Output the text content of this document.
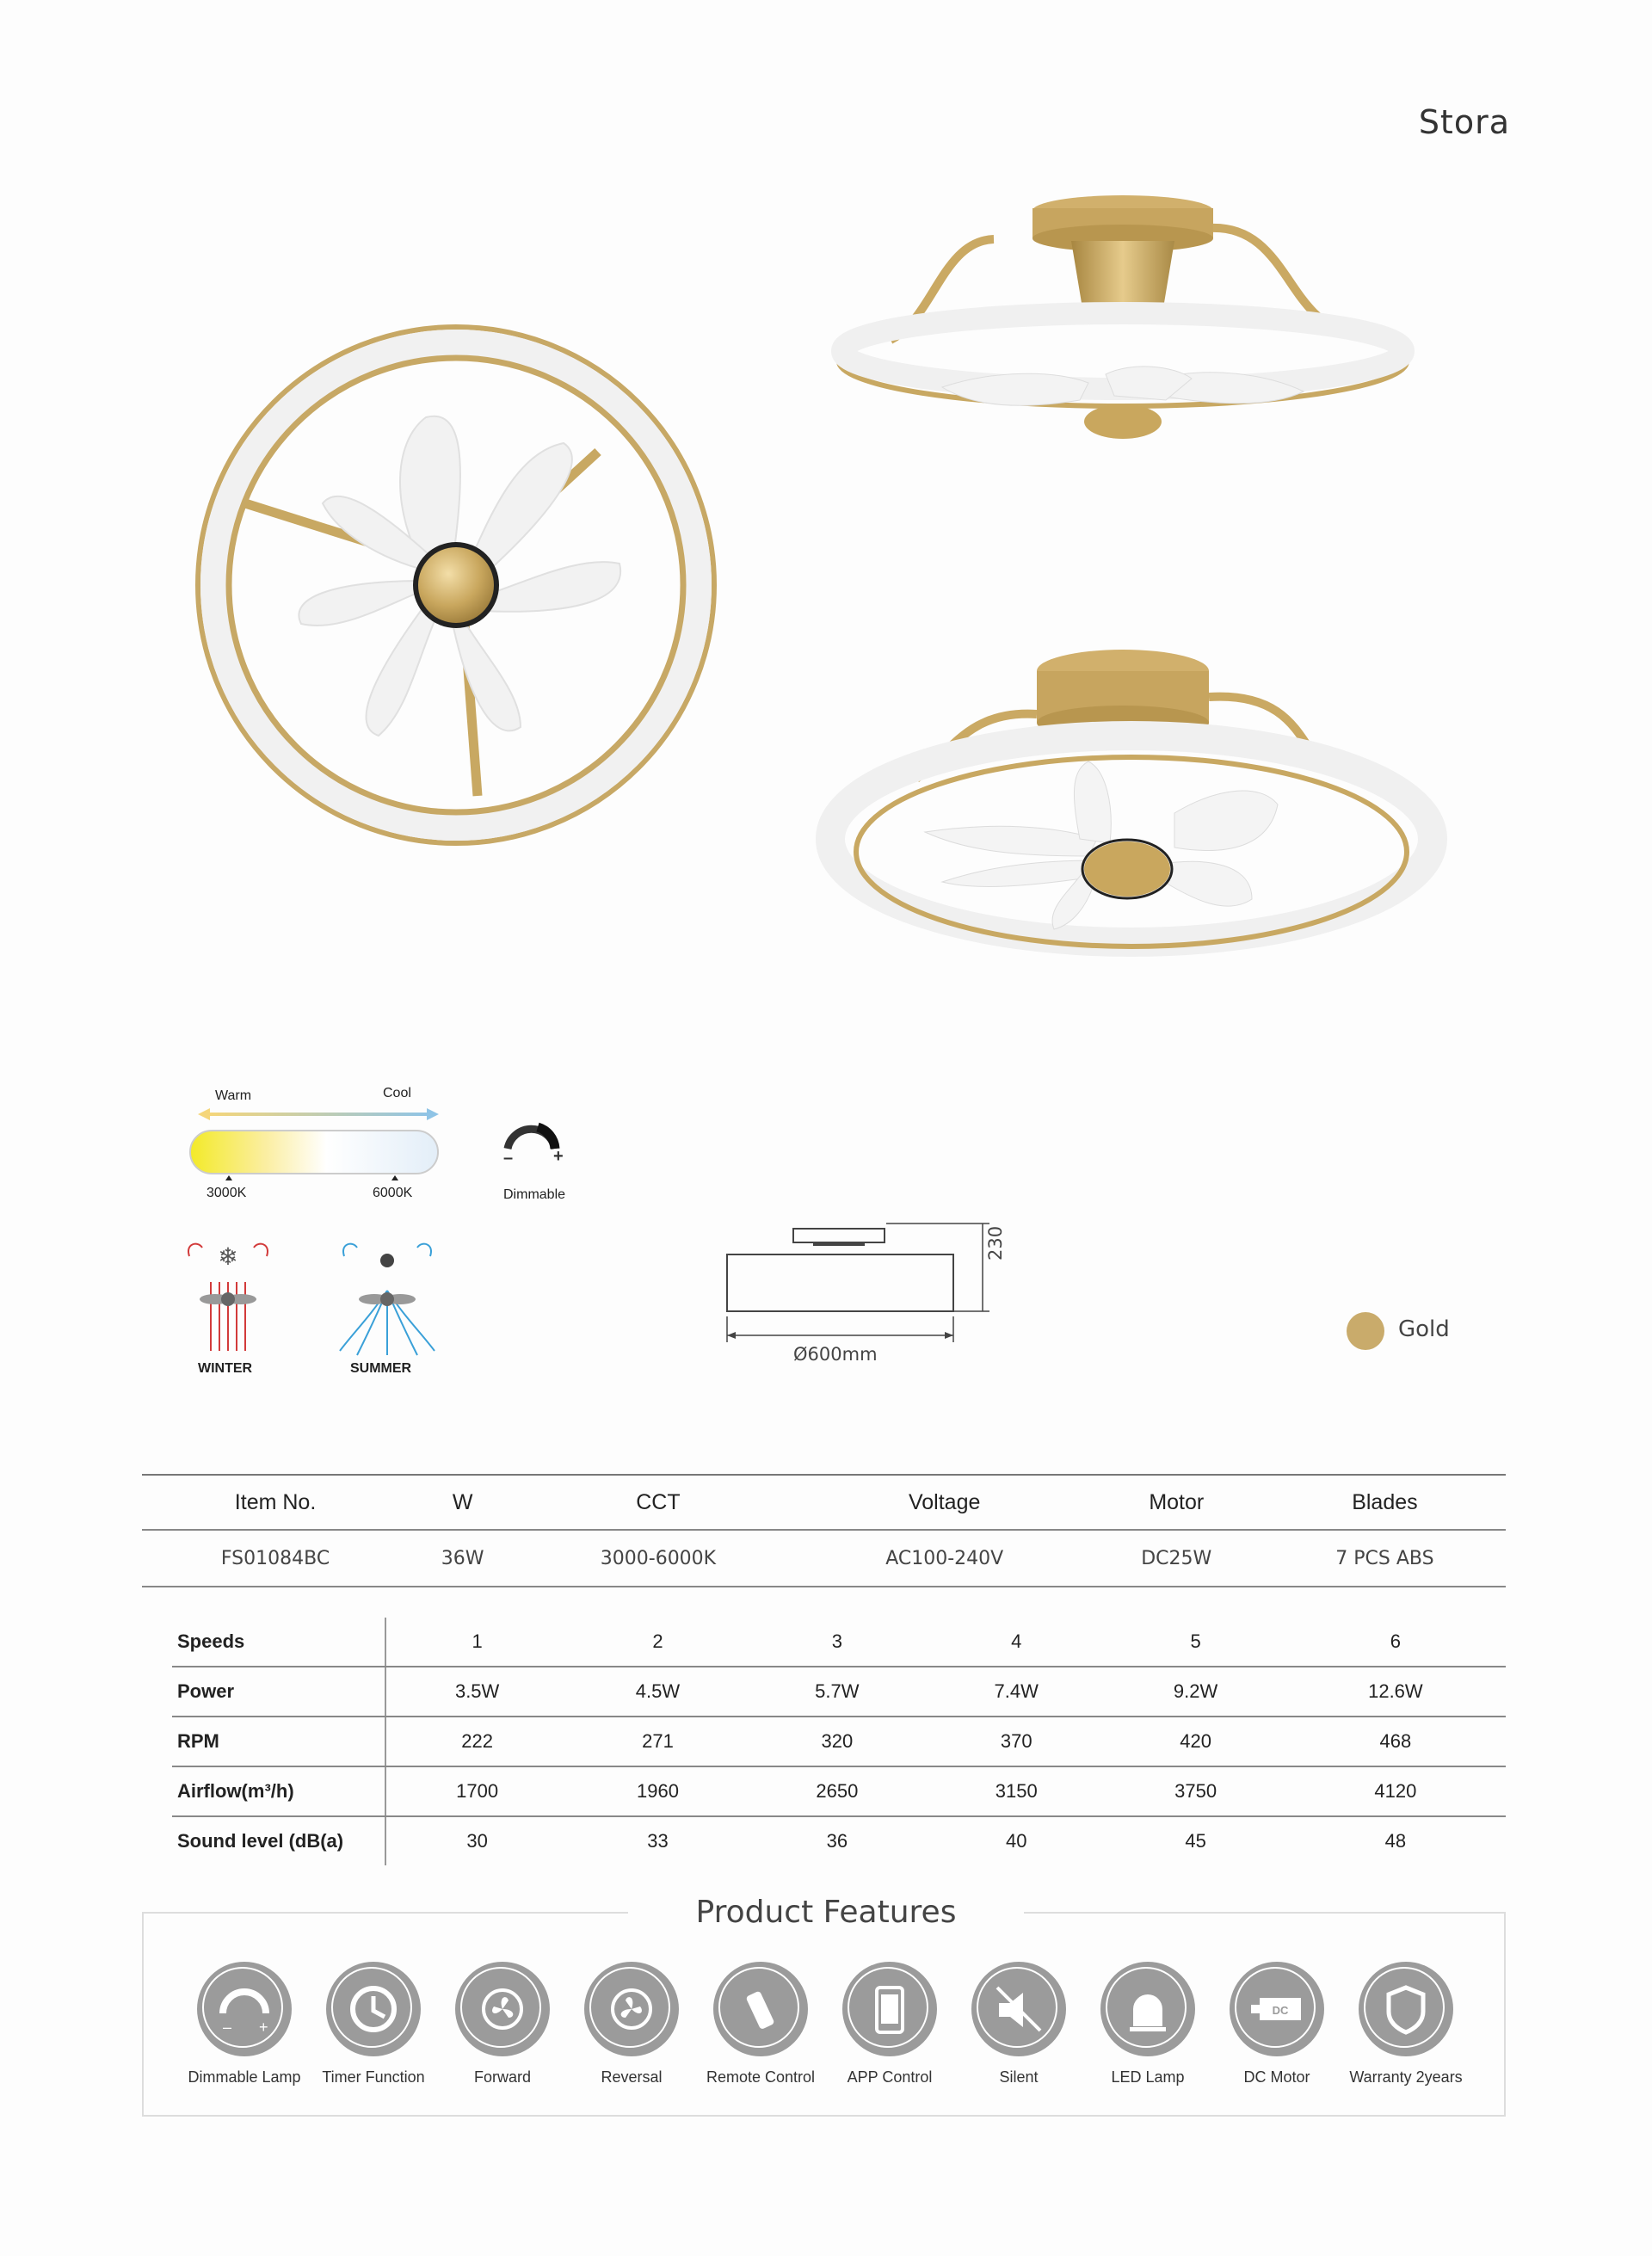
Stora
Warm	Cool
3000K	6000K
– +
Dimmable
❄
WINTER	SUMMER
230
Ø600mm
Gold
Item No.	W	CCT	Voltage	Motor	Blades
FS01084BC	36W	3000-6000K	AC100-240V	DC25W	7 PCS ABS
Speeds	1	2	3	4	5	6
Power	3.5W	4.5W	5.7W	7.4W	9.2W	12.6W
RPM	222	271	320	370	420	468
Airflow(m³/h)	1700	1960	2650	3150	3750	4120
Sound level (dB(a)	30	33	36	40	45	48
Product Features
– +
Dimmable Lamp	Timer Function	Forward	Reversal	Remote Control	APP Control	Silent	LED Lamp
DC
DC Motor	Warranty 2years
